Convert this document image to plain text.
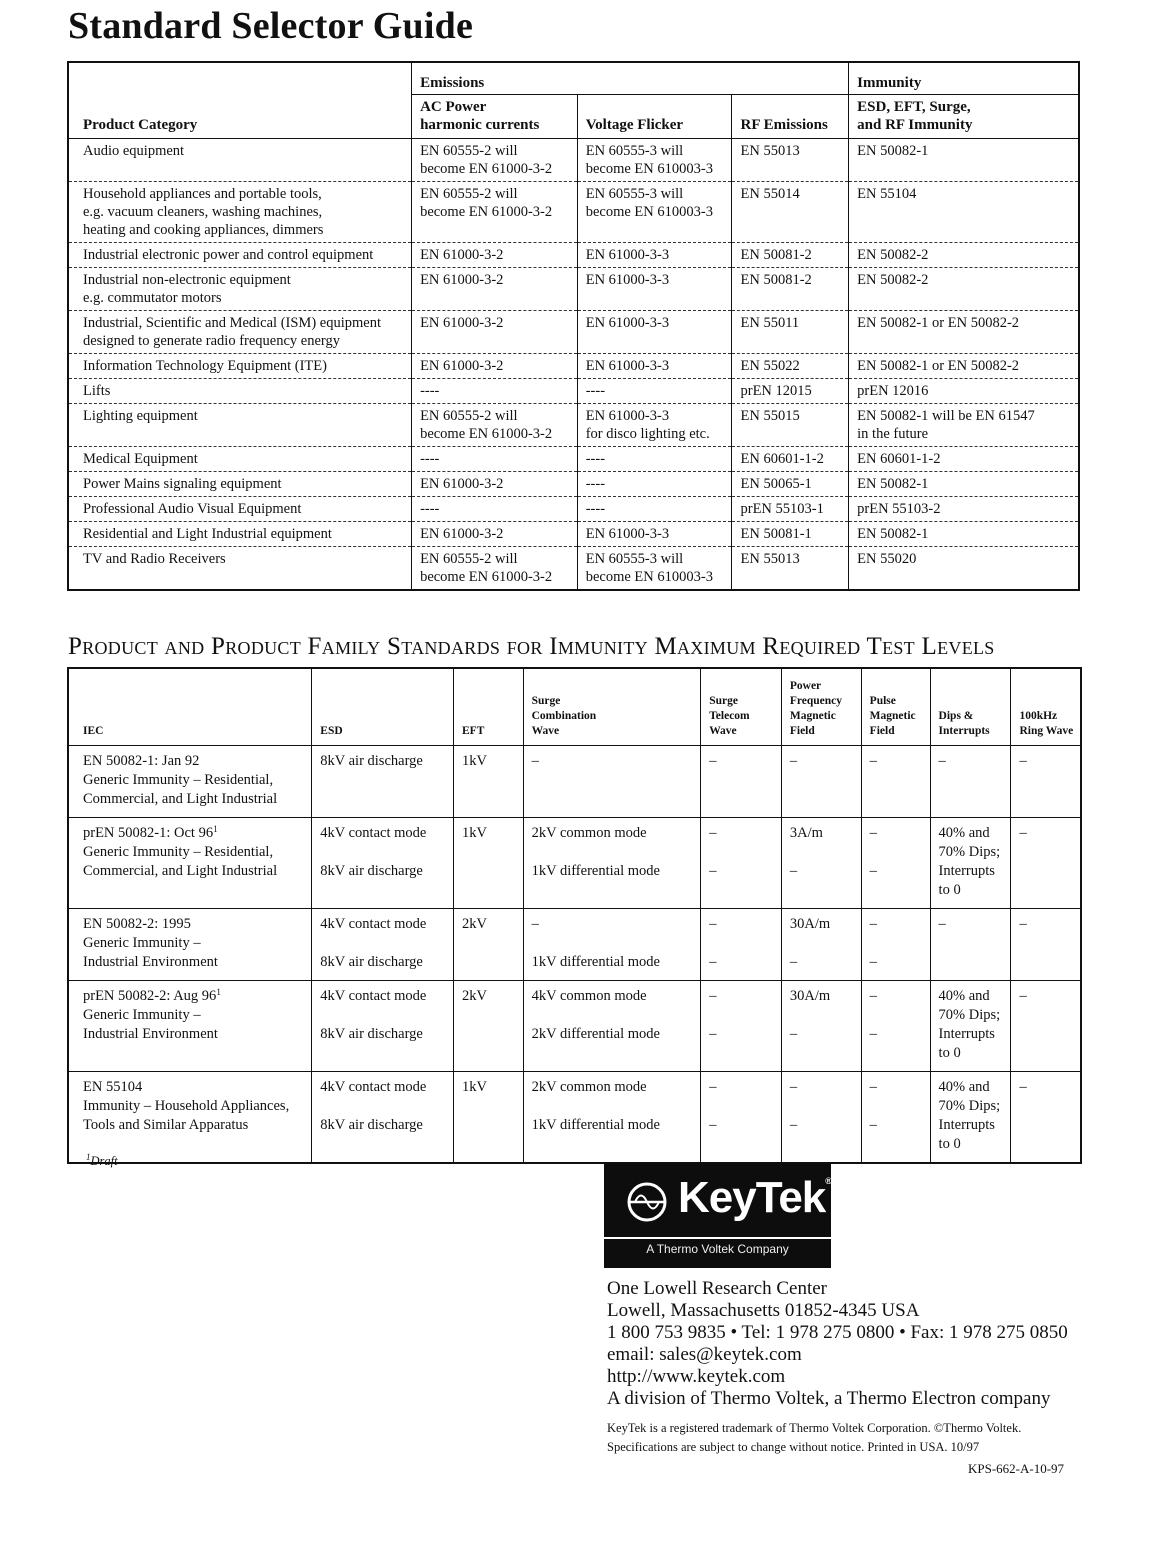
Standard Selector Guide
	Emissions			Immunity
Product Category	AC Power
harmonic currents	Voltage Flicker	RF Emissions	ESD, EFT, Surge,
and RF Immunity

Audio equipment	EN 60555-2 will
become EN 61000-3-2	EN 60555-3 will
become EN 610003-3	EN 55013	EN 50082-1

Household appliances and portable tools,
e.g. vacuum cleaners, washing machines,
heating and cooking appliances, dimmers	EN 60555-2 will
become EN 61000-3-2	EN 60555-3 will
become EN 610003-3	EN 55014	EN 55104

Industrial electronic power and control equipment	EN 61000-3-2	EN 61000-3-3	EN 50081-2	EN 50082-2

Industrial non-electronic equipment
e.g. commutator motors	EN 61000-3-2	EN 61000-3-3	EN 50081-2	EN 50082-2

Industrial, Scientific and Medical (ISM) equipment
designed to generate radio frequency energy	EN 61000-3-2	EN 61000-3-3	EN 55011	EN 50082-1 or EN 50082-2

Information Technology Equipment (ITE)	EN 61000-3-2	EN 61000-3-3	EN 55022	EN 50082-1 or EN 50082-2

Lifts	----	----	prEN 12015	prEN 12016

Lighting equipment	EN 60555-2 will
become EN 61000-3-2	EN 61000-3-3
for disco lighting etc.	EN 55015	EN 50082-1 will be EN 61547
in the future

Medical Equipment	----	----	EN 60601-1-2	EN 60601-1-2

Power Mains signaling equipment	EN 61000-3-2	----	EN 50065-1	EN 50082-1

Professional Audio Visual Equipment	----	----	prEN 55103-1	prEN 55103-2

Residential and Light Industrial equipment	EN 61000-3-2	EN 61000-3-3	EN 50081-1	EN 50082-1

TV and Radio Receivers	EN 60555-2 will
become EN 61000-3-2	EN 60555-3 will
become EN 610003-3	EN 55013	EN 55020
Product and Product Family Standards for Immunity Maximum Required Test Levels
IEC	ESD	EFT	Surge
Combination
Wave	Surge
Telecom
Wave	Power
Frequency
Magnetic
Field	Pulse
Magnetic
Field	Dips &
Interrupts	100kHz
Ring Wave

EN 50082-1: Jan 92
Generic Immunity – Residential,
Commercial, and Light Industrial	8kV air discharge	1kV	–	–	–	–	–	–

prEN 50082-1: Oct $96^1$
Generic Immunity – Residential,
Commercial, and Light Industrial	4kV contact mode
8kV air discharge	1kV	2kV common mode
1kV differential mode	–
–	3A/m
–	–
–	40% and
70% Dips;
Interrupts
to 0	–

EN 50082-2: 1995
Generic Immunity –
Industrial Environment	4kV contact mode
8kV air discharge	2kV	–
1kV differential mode	–
–	30A/m
–	–
–	–	–

prEN 50082-2: Aug $96^1$
Generic Immunity –
Industrial Environment	4kV contact mode
8kV air discharge	2kV	4kV common mode
2kV differential mode	–
–	30A/m
–	–
–	40% and
70% Dips;
Interrupts
to 0	–

EN 55104
Immunity – Household Appliances,
Tools and Similar Apparatus	4kV contact mode
8kV air discharge	1kV	2kV common mode
1kV differential mode	–
–	–
–	–
–	40% and
70% Dips;
Interrupts
to 0	–
$^1$Draft
KeyTek®
A Thermo Voltek Company
One Lowell Research Center
Lowell, Massachusetts 01852-4345 USA
1 800 753 9835 • Tel: 1 978 275 0800 • Fax: 1 978 275 0850
email: sales@keytek.com
http://www.keytek.com
A division of Thermo Voltek, a Thermo Electron company
KeyTek is a registered trademark of Thermo Voltek Corporation. ©Thermo Voltek.
Specifications are subject to change without notice. Printed in USA. 10/97
KPS-662-A-10-97
